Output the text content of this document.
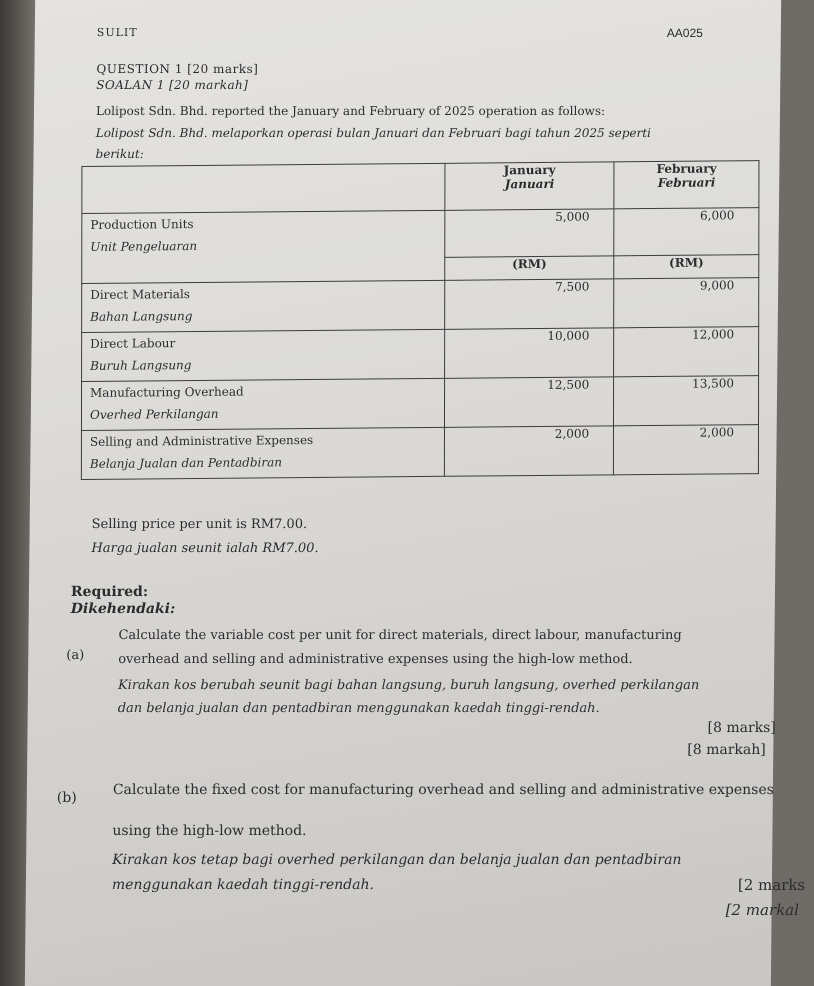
SULIT	AA025
QUESTION 1 [20 marks]
SOALAN 1 [20 markah]
Lolipost Sdn. Bhd. reported the January and February of 2025 operation as follows:
Lolipost Sdn. Bhd. melaporkan operasi bulan Januari dan Februari bagi tahun 2025 seperti
berikut:

	January
Januari	February
Februari

Production Units
Unit Pengeluaran	5,000	6,000
	(RM)	(RM)

Direct Materials
Bahan Langsung	7,500	9,000

Direct Labour
Buruh Langsung	10,000	12,000

Manufacturing Overhead
Overhed Perkilangan	12,500	13,500

Selling and Administrative Expenses
Belanja Jualan dan Pentadbiran	2,000	2,000
Selling price per unit is RM7.00.
Harga jualan seunit ialah RM7.00.
Required:
Dikehendaki:
(a)
Calculate the variable cost per unit for direct materials, direct labour, manufacturing
overhead and selling and administrative expenses using the high-low method.
Kirakan kos berubah seunit bagi bahan langsung, buruh langsung, overhed perkilangan
dan belanja jualan dan pentadbiran menggunakan kaedah tinggi-rendah.
[8 marks]
[8 markah]
(b)	Calculate the fixed cost for manufacturing overhead and selling and administrative expenses
using the high-low method.
Kirakan kos tetap bagi overhed perkilangan dan belanja jualan dan pentadbiran
menggunakan kaedah tinggi-rendah.	[2 marks
[2 markal
